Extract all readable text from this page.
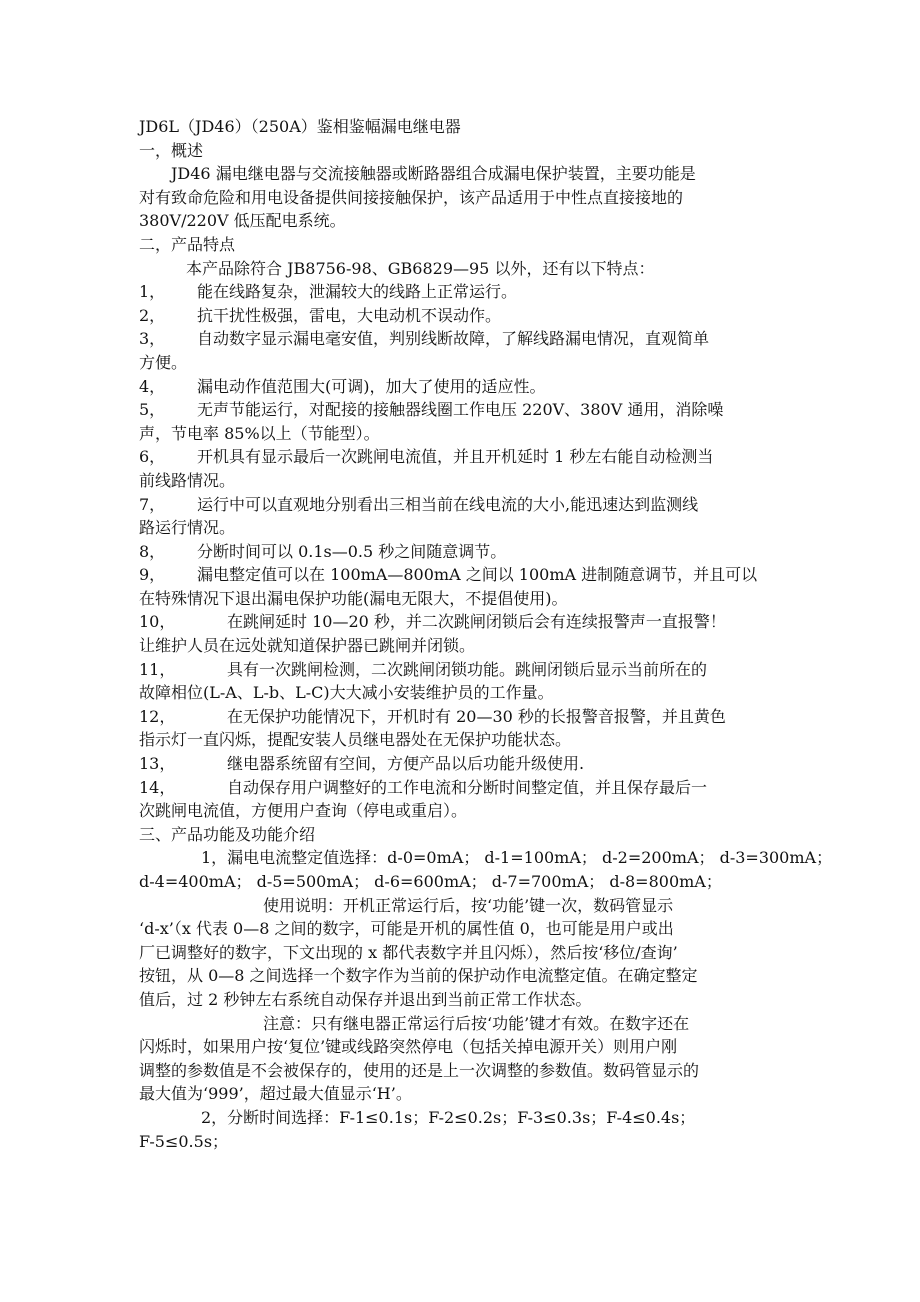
JD6L（JD46）（250A）鉴相鉴幅漏电继电器

一，概述

JD46 漏电继电器与交流接触器或断路器组合成漏电保护装置，主要功能是

对有致命危险和用电设备提供间接接触保护，该产品适用于中性点直接接地的

380V/220V 低压配电系统。

二，产品特点

本产品除符合 JB8756-98、GB6829—95 以外，还有以下特点：

1， 能在线路复杂，泄漏较大的线路上正常运行。

2， 抗干扰性极强，雷电，大电动机不误动作。

3， 自动数字显示漏电毫安值，判别线断故障，了解线路漏电情况，直观简单

方便。

4， 漏电动作值范围大(可调)，加大了使用的适应性。

5， 无声节能运行，对配接的接触器线圈工作电压 220V、380V 通用，消除噪

声，节电率 85%以上（节能型）。

6， 开机具有显示最后一次跳闸电流值，并且开机延时 1 秒左右能自动检测当

前线路情况。

7， 运行中可以直观地分别看出三相当前在线电流的大小,能迅速达到监测线

路运行情况。

8， 分断时间可以 0.1s—0.5 秒之间随意调节。

9， 漏电整定值可以在 100mA—800mA 之间以 100mA 进制随意调节，并且可以

在特殊情况下退出漏电保护功能(漏电无限大，不提倡使用)。

10，	在跳闸延时 10—20 秒，并二次跳闸闭锁后会有连续报警声一直报警！

让维护人员在远处就知道保护器已跳闸并闭锁。

11，	具有一次跳闸检测，二次跳闸闭锁功能。跳闸闭锁后显示当前所在的

故障相位(L-A、L-b、L-C)大大减小安装维护员的工作量。

12，	在无保护功能情况下，开机时有 20—30 秒的长报警音报警，并且黄色

指示灯一直闪烁，提配安装人员继电器处在无保护功能状态。

13，	继电器系统留有空间，方便产品以后功能升级使用.

14，	自动保存用户调整好的工作电流和分断时间整定值，并且保存最后一

次跳闸电流值，方便用户查询（停电或重启）。

三、产品功能及功能介绍

1，漏电电流整定值选择：d-0=0mA； d-1=100mA； d-2=200mA； d-3=300mA；

d-4=400mA； d-5=500mA； d-6=600mA； d-7=700mA； d-8=800mA；

使用说明：开机正常运行后，按‘功能’键一次，数码管显示

‘d-x’（x 代表 0—8 之间的数字，可能是开机的属性值 0，也可能是用户或出

厂已调整好的数字，下文出现的 x 都代表数字并且闪烁），然后按‘移位/查询’

按钮，从 0—8 之间选择一个数字作为当前的保护动作电流整定值。在确定整定

值后，过 2 秒钟左右系统自动保存并退出到当前正常工作状态。

注意：只有继电器正常运行后按‘功能’键才有效。在数字还在

闪烁时，如果用户按‘复位’键或线路突然停电（包括关掉电源开关）则用户刚

调整的参数值是不会被保存的，使用的还是上一次调整的参数值。数码管显示的

最大值为‘999’，超过最大值显示‘H’。

2，分断时间选择：F-1≤0.1s；F-2≤0.2s；F-3≤0.3s；F-4≤0.4s；

F-5≤0.5s；
